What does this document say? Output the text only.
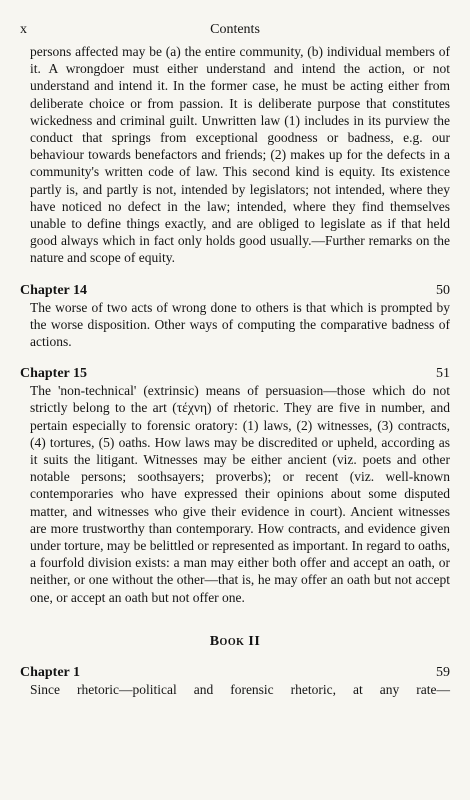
x	Contents

persons affected may be (a) the entire community, (b) individual members of it. A wrongdoer must either understand and intend the action, or not understand and intend it. In the former case, he must be acting either from deliberate choice or from passion. It is deliberate purpose that constitutes wickedness and criminal guilt. Unwritten law (1) includes in its purview the conduct that springs from exceptional goodness or badness, e.g. our behaviour towards benefactors and friends; (2) makes up for the defects in a community's written code of law. This second kind is equity. Its existence partly is, and partly is not, intended by legislators; not intended, where they have noticed no defect in the law; intended, where they find themselves unable to define things exactly, and are obliged to legislate as if that held good always which in fact only holds good usually.—Further remarks on the nature and scope of equity.

Chapter 14	50

The worse of two acts of wrong done to others is that which is prompted by the worse disposition. Other ways of computing the comparative badness of actions.

Chapter 15	51

The 'non-technical' (extrinsic) means of persuasion—those which do not strictly belong to the art (τέχνη) of rhetoric. They are five in number, and pertain especially to forensic oratory: (1) laws, (2) witnesses, (3) contracts, (4) tortures, (5) oaths. How laws may be discredited or upheld, according as it suits the litigant. Witnesses may be either ancient (viz. poets and other notable persons; soothsayers; proverbs); or recent (viz. well-known contemporaries who have expressed their opinions about some disputed matter, and witnesses who give their evidence in court). Ancient witnesses are more trustworthy than contemporary. How contracts, and evidence given under torture, may be belittled or represented as important. In regard to oaths, a fourfold division exists: a man may either both offer and accept an oath, or neither, or one without the other—that is, he may offer an oath but not accept one, or accept an oath but not offer one.

Book II
Chapter 1	59

Since rhetoric—political and forensic rhetoric, at any rate—
